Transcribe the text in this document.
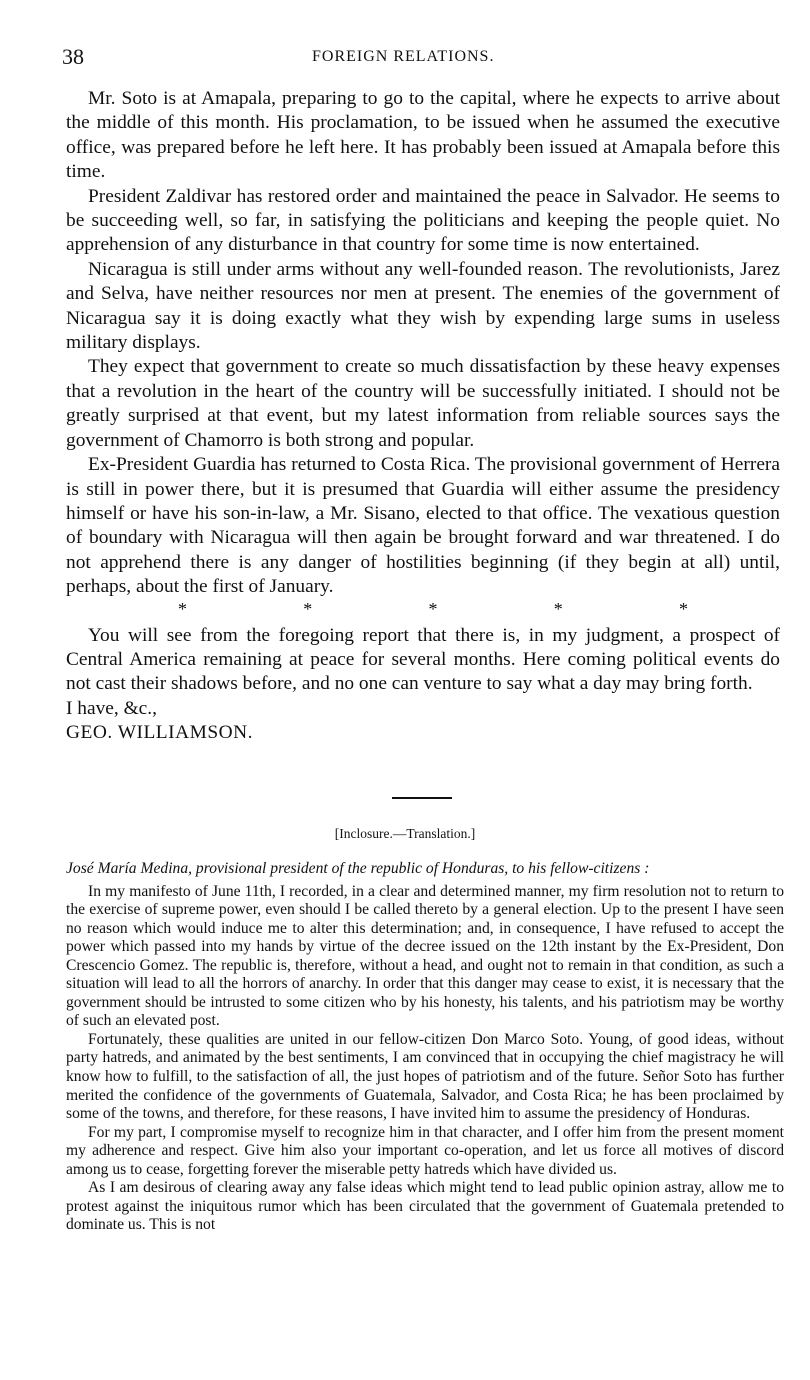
38	FOREIGN RELATIONS.

Mr. Soto is at Amapala, preparing to go to the capital, where he expects to arrive about the middle of this month. His proclamation, to be issued when he assumed the executive office, was prepared before he left here. It has probably been issued at Amapala before this time.

President Zaldivar has restored order and maintained the peace in Salvador. He seems to be succeeding well, so far, in satisfying the politicians and keeping the people quiet. No apprehension of any disturbance in that country for some time is now entertained.

Nicaragua is still under arms without any well-founded reason. The revolutionists, Jarez and Selva, have neither resources nor men at present. The enemies of the government of Nicaragua say it is doing exactly what they wish by expending large sums in useless military displays.

They expect that government to create so much dissatisfaction by these heavy expenses that a revolution in the heart of the country will be successfully initiated. I should not be greatly surprised at that event, but my latest information from reliable sources says the government of Chamorro is both strong and popular.

Ex-President Guardia has returned to Costa Rica. The provisional government of Herrera is still in power there, but it is presumed that Guardia will either assume the presidency himself or have his son-in-law, a Mr. Sisano, elected to that office. The vexatious question of boundary with Nicaragua will then again be brought forward and war threatened. I do not apprehend there is any danger of hostilities beginning (if they begin at all) until, perhaps, about the first of January.

*	*	*	*	*

You will see from the foregoing report that there is, in my judgment, a prospect of Central America remaining at peace for several months. Here coming political events do not cast their shadows before, and no one can venture to say what a day may bring forth.

I have, &c.,

GEO. WILLIAMSON.

[Inclosure.—Translation.]

José María Medina, provisional president of the republic of Honduras, to his fellow-citizens :

In my manifesto of June 11th, I recorded, in a clear and determined manner, my firm resolution not to return to the exercise of supreme power, even should I be called thereto by a general election. Up to the present I have seen no reason which would induce me to alter this determination; and, in consequence, I have refused to accept the power which passed into my hands by virtue of the decree issued on the 12th instant by the Ex-President, Don Crescencio Gomez. The republic is, therefore, without a head, and ought not to remain in that condition, as such a situation will lead to all the horrors of anarchy. In order that this danger may cease to exist, it is necessary that the government should be intrusted to some citizen who by his honesty, his talents, and his patriotism may be worthy of such an elevated post.

Fortunately, these qualities are united in our fellow-citizen Don Marco Soto. Young, of good ideas, without party hatreds, and animated by the best sentiments, I am convinced that in occupying the chief magistracy he will know how to fulfill, to the satisfaction of all, the just hopes of patriotism and of the future. Señor Soto has further merited the confidence of the governments of Guatemala, Salvador, and Costa Rica; he has been proclaimed by some of the towns, and therefore, for these reasons, I have invited him to assume the presidency of Honduras.

For my part, I compromise myself to recognize him in that character, and I offer him from the present moment my adherence and respect. Give him also your important co-operation, and let us force all motives of discord among us to cease, forgetting forever the miserable petty hatreds which have divided us.

As I am desirous of clearing away any false ideas which might tend to lead public opinion astray, allow me to protest against the iniquitous rumor which has been circulated that the government of Guatemala pretended to dominate us. This is not
